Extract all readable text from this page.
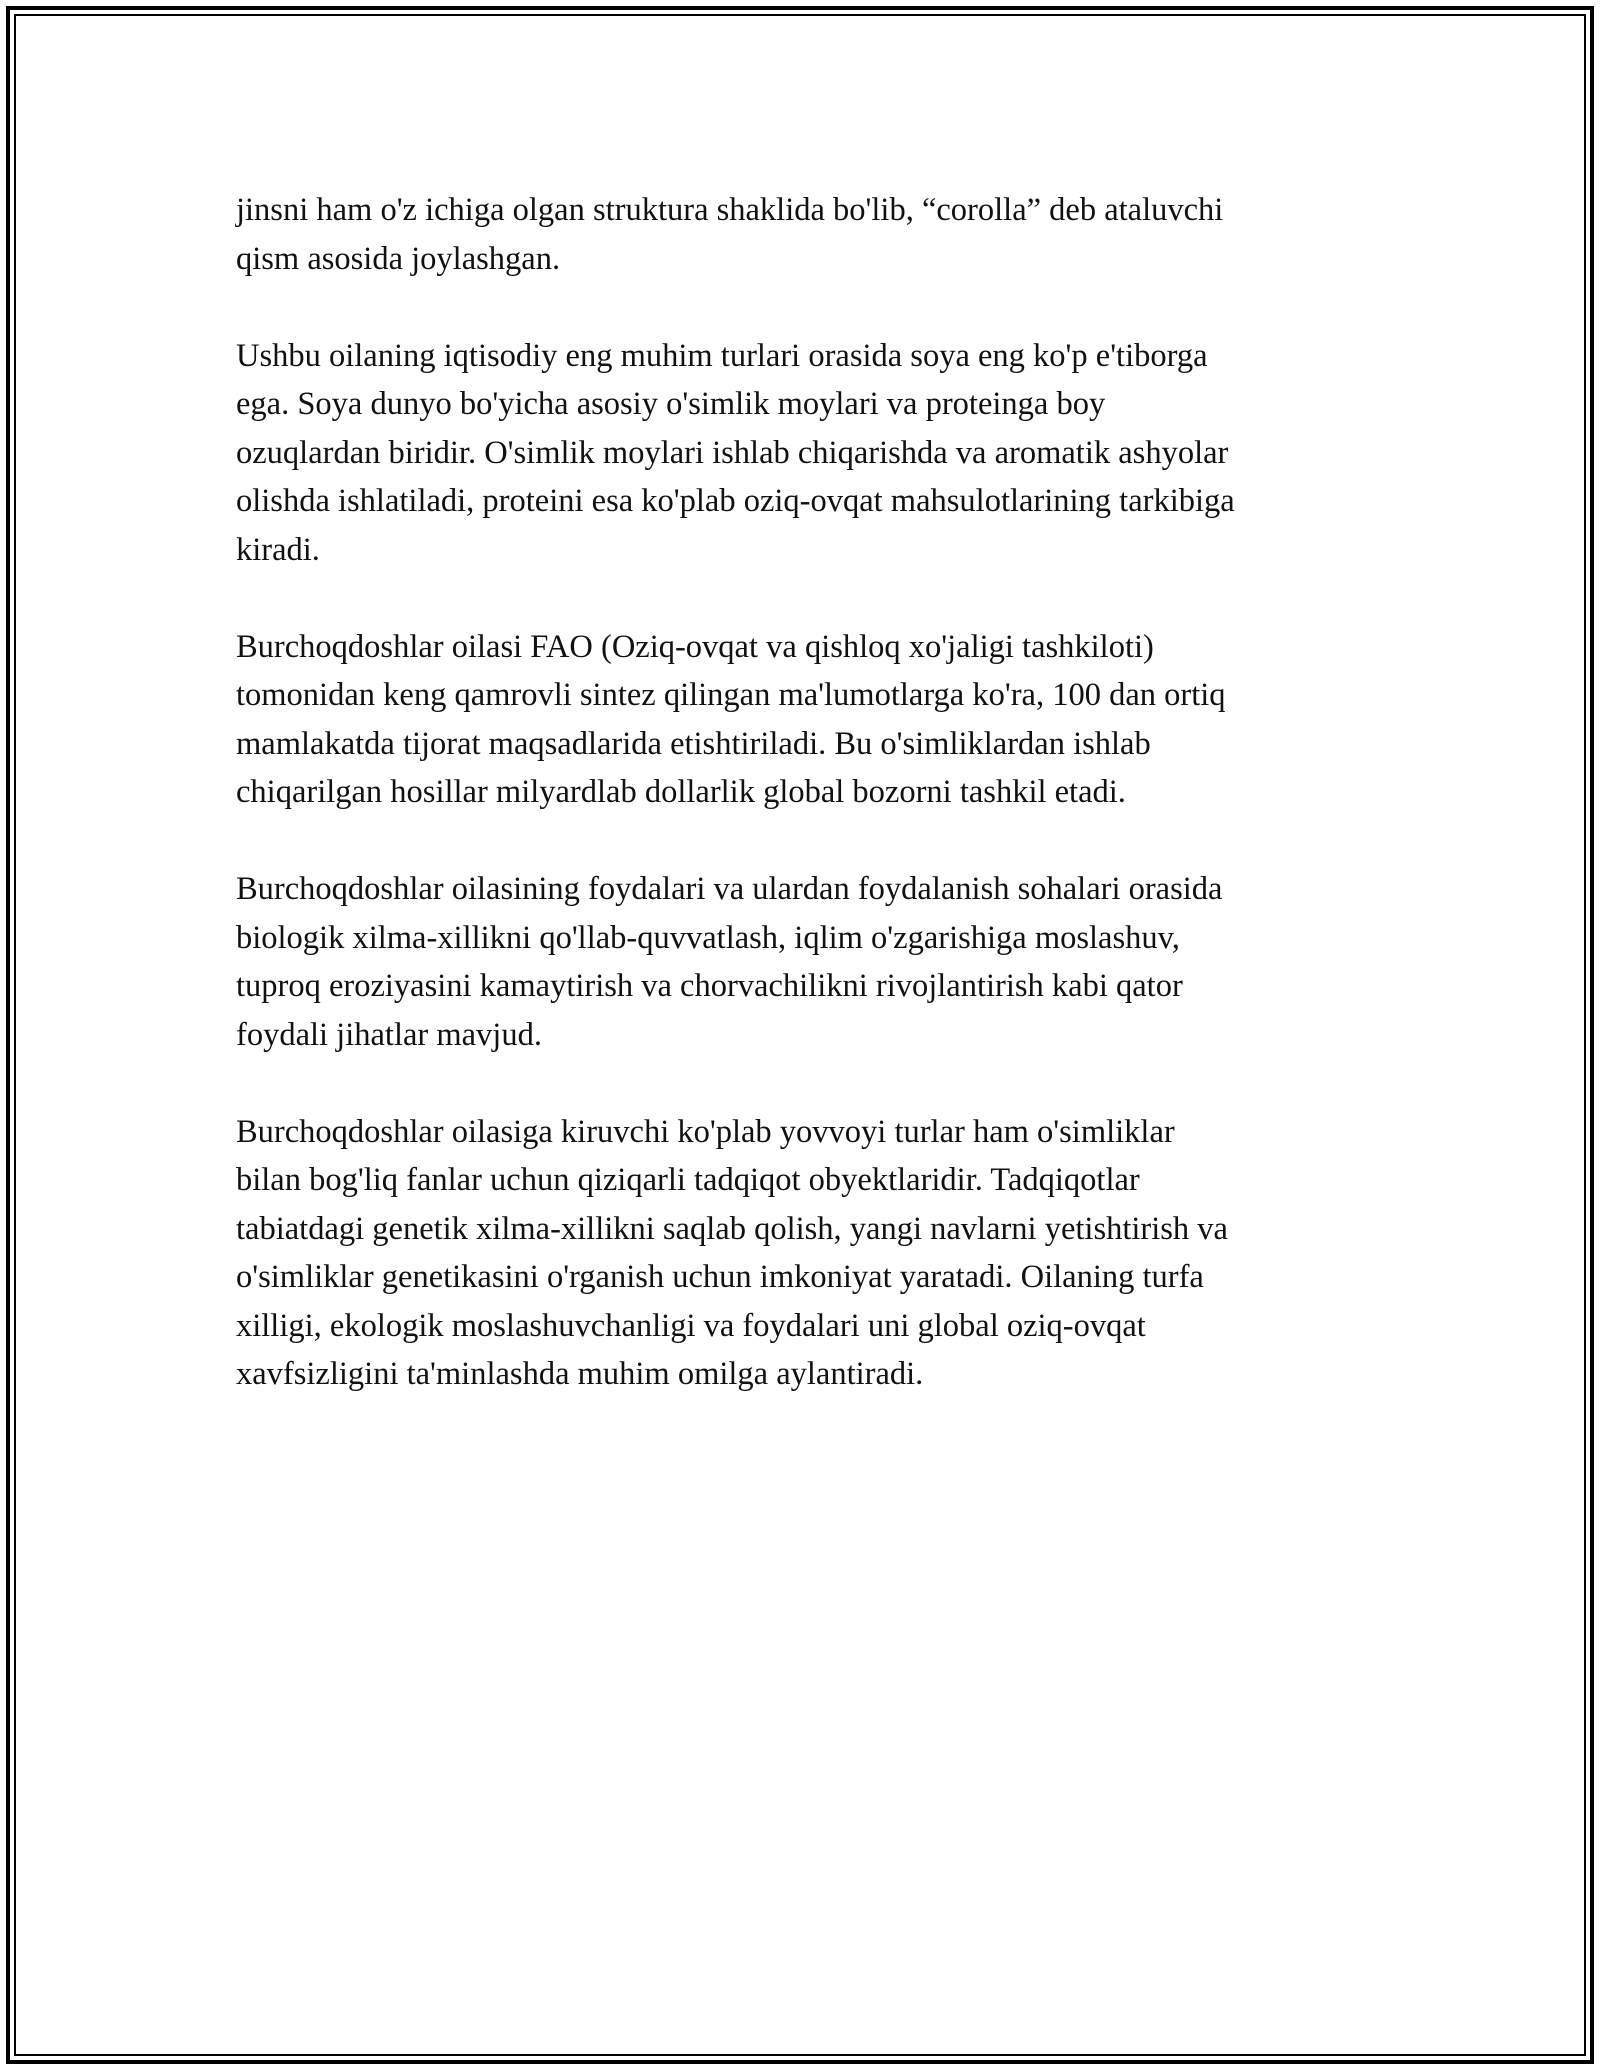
jinsni ham o'z ichiga olgan struktura shaklida bo'lib, “corolla” deb ataluvchi
qism asosida joylashgan.

Ushbu oilaning iqtisodiy eng muhim turlari orasida soya eng ko'p e'tiborga
ega. Soya dunyo bo'yicha asosiy o'simlik moylari va proteinga boy
ozuqlardan biridir. O'simlik moylari ishlab chiqarishda va aromatik ashyolar
olishda ishlatiladi, proteini esa ko'plab oziq-ovqat mahsulotlarining tarkibiga
kiradi.

Burchoqdoshlar oilasi FAO (Oziq-ovqat va qishloq xo'jaligi tashkiloti)
tomonidan keng qamrovli sintez qilingan ma'lumotlarga ko'ra, 100 dan ortiq
mamlakatda tijorat maqsadlarida etishtiriladi. Bu o'simliklardan ishlab
chiqarilgan hosillar milyardlab dollarlik global bozorni tashkil etadi.

Burchoqdoshlar oilasining foydalari va ulardan foydalanish sohalari orasida
biologik xilma-xillikni qo'llab-quvvatlash, iqlim o'zgarishiga moslashuv,
tuproq eroziyasini kamaytirish va chorvachilikni rivojlantirish kabi qator
foydali jihatlar mavjud.

Burchoqdoshlar oilasiga kiruvchi ko'plab yovvoyi turlar ham o'simliklar
bilan bog'liq fanlar uchun qiziqarli tadqiqot obyektlaridir. Tadqiqotlar
tabiatdagi genetik xilma-xillikni saqlab qolish, yangi navlarni yetishtirish va
o'simliklar genetikasini o'rganish uchun imkoniyat yaratadi. Oilaning turfa
xilligi, ekologik moslashuvchanligi va foydalari uni global oziq-ovqat
xavfsizligini ta'minlashda muhim omilga aylantiradi.
